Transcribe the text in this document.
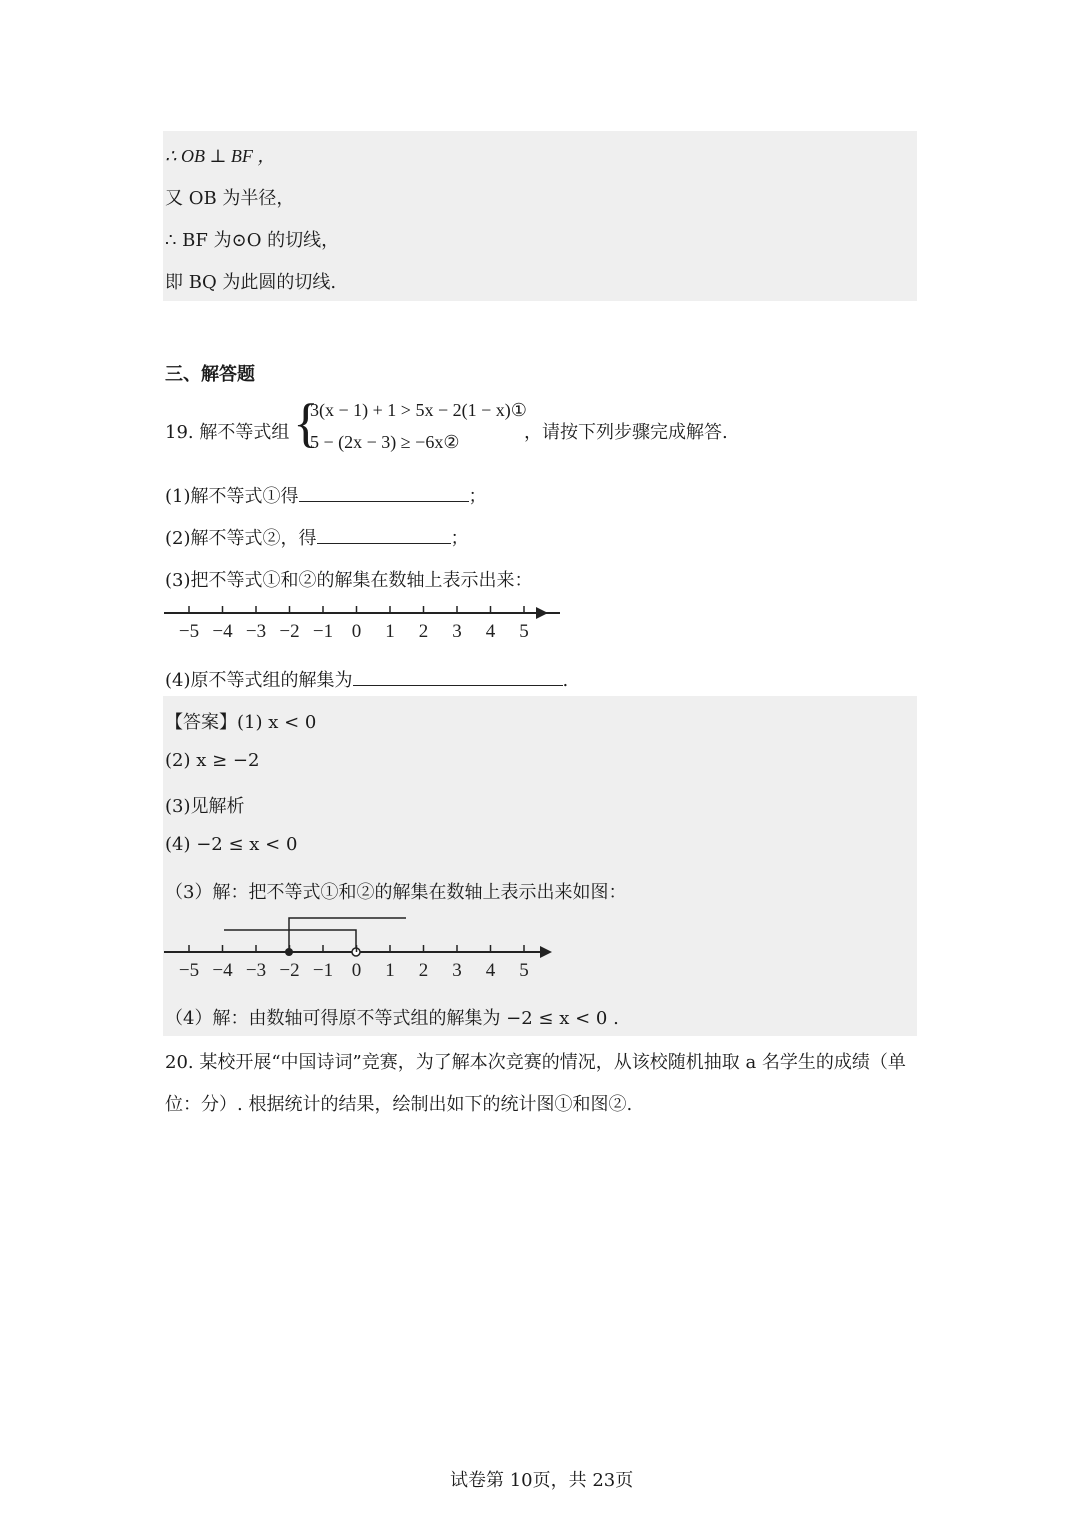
∴ OB ⊥ BF ，
又 OB 为半径，
∴ BF 为⊙O 的切线，
即 BQ 为此圆的切线.
三、解答题
19. 解不等式组 {
3(x − 1) + 1 > 5x − 2(1 − x)①
5 − (2x − 3) ≥ −6x②	，请按下列步骤完成解答.
(1)解不等式①得	；
(2)解不等式②，得	；
(3)把不等式①和②的解集在数轴上表示出来：
−5 −4 −3 −2 −1 0 1 2 3 4 5
(4)原不等式组的解集为	.
【答案】(1) x < 0
(2) x ≥ −2
(3)见解析
(4) −2 ≤ x < 0
（3）解：把不等式①和②的解集在数轴上表示出来如图：
−5 −4 −3 −2 −1 0 1 2 3 4 5
（4）解：由数轴可得原不等式组的解集为 −2 ≤ x < 0 .
20. 某校开展“中国诗词”竞赛，为了解本次竞赛的情况，从该校随机抽取 a 名学生的成绩（单
位：分）. 根据统计的结果，绘制出如下的统计图①和图②.
试卷第 10页，共 23页
